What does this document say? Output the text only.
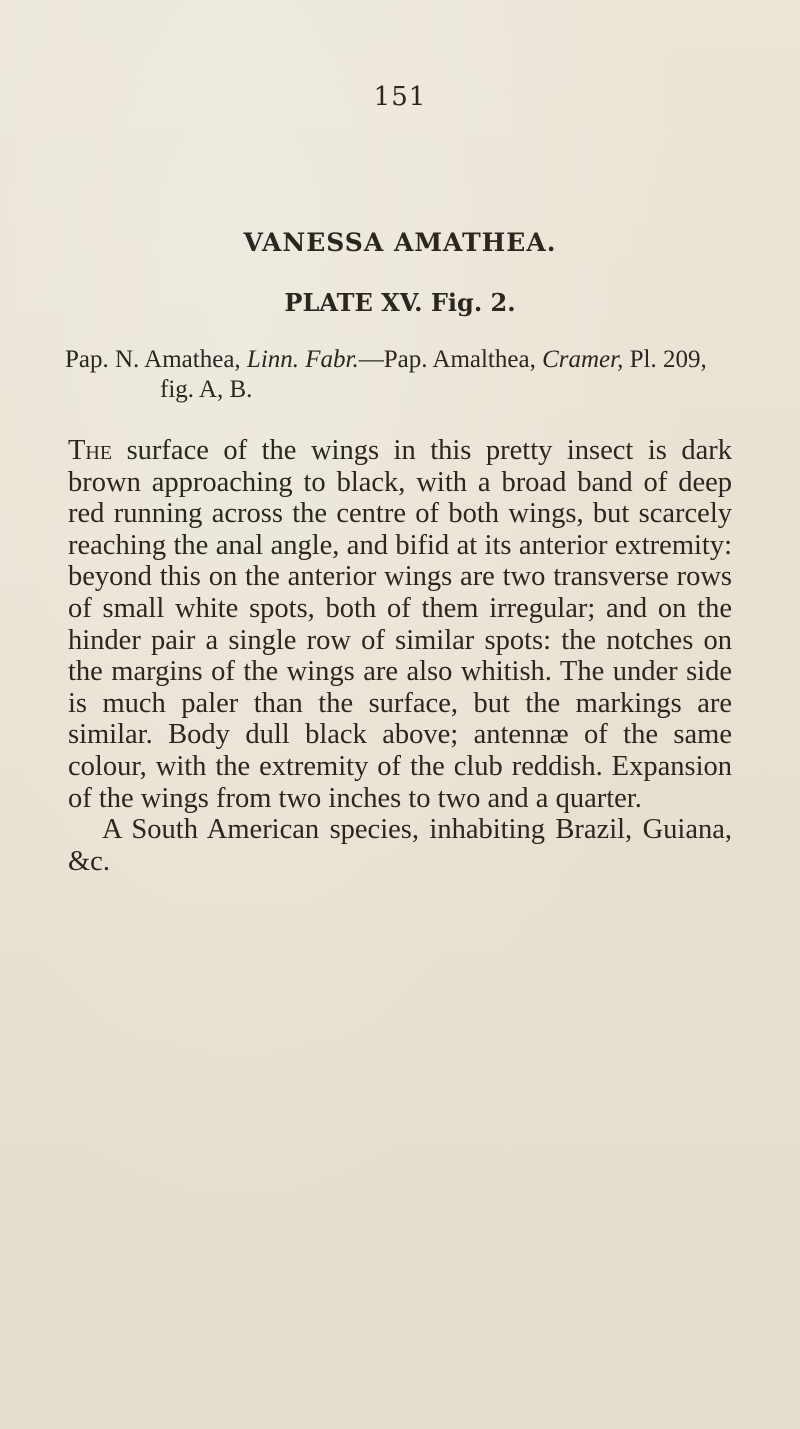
151
VANESSA AMATHEA.
PLATE XV. Fig. 2.
Pap. N. Amathea, Linn. Fabr.—Pap. Amalthea, Cramer, Pl. 209, fig. A, B.

The surface of the wings in this pretty insect is dark brown approaching to black, with a broad band of deep red running across the centre of both wings, but scarcely reaching the anal angle, and bifid at its anterior extremity: beyond this on the anterior wings are two transverse rows of small white spots, both of them irregular; and on the hinder pair a single row of similar spots: the notches on the margins of the wings are also whitish. The under side is much paler than the surface, but the markings are similar. Body dull black above; antennæ of the same colour, with the extremity of the club reddish. Expansion of the wings from two inches to two and a quarter.

A South American species, inhabiting Brazil, Guiana, &c.
